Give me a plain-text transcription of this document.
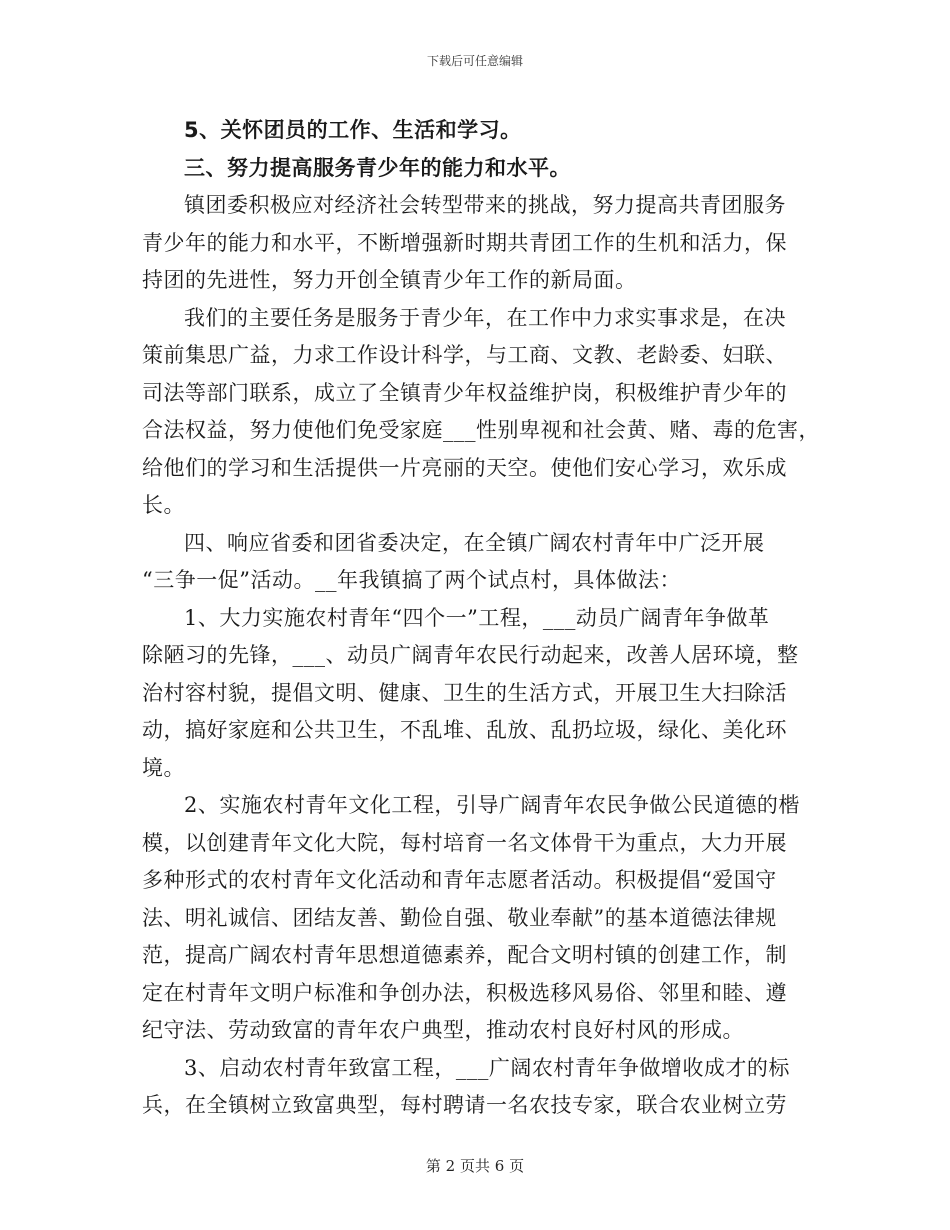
下载后可任意编辑
5、关怀团员的工作、生活和学习。
三、努力提高服务青少年的能力和水平。
镇团委积极应对经济社会转型带来的挑战，努力提高共青团服务
青少年的能力和水平，不断增强新时期共青团工作的生机和活力，保
持团的先进性，努力开创全镇青少年工作的新局面。
我们的主要任务是服务于青少年，在工作中力求实事求是，在决
策前集思广益，力求工作设计科学，与工商、文教、老龄委、妇联、
司法等部门联系，成立了全镇青少年权益维护岗，积极维护青少年的
合法权益，努力使他们免受家庭___性别卑视和社会黄、赌、毒的危害，
给他们的学习和生活提供一片亮丽的天空。使他们安心学习，欢乐成
长。
四、响应省委和团省委决定，在全镇广阔农村青年中广泛开展
“三争一促”活动。__年我镇搞了两个试点村，具体做法：
1、大力实施农村青年“四个一”工程，___动员广阔青年争做革
除陋习的先锋，___、动员广阔青年农民行动起来，改善人居环境，整
治村容村貌，提倡文明、健康、卫生的生活方式，开展卫生大扫除活
动，搞好家庭和公共卫生，不乱堆、乱放、乱扔垃圾，绿化、美化环
境。
2、实施农村青年文化工程，引导广阔青年农民争做公民道德的楷
模，以创建青年文化大院，每村培育一名文体骨干为重点，大力开展
多种形式的农村青年文化活动和青年志愿者活动。积极提倡“爱国守
法、明礼诚信、团结友善、勤俭自强、敬业奉献”的基本道德法律规
范，提高广阔农村青年思想道德素养，配合文明村镇的创建工作，制
定在村青年文明户标准和争创办法，积极选移风易俗、邻里和睦、遵
纪守法、劳动致富的青年农户典型，推动农村良好村风的形成。
3、启动农村青年致富工程，___广阔农村青年争做增收成才的标
兵，在全镇树立致富典型，每村聘请一名农技专家，联合农业树立劳
第 2 页共 6 页
